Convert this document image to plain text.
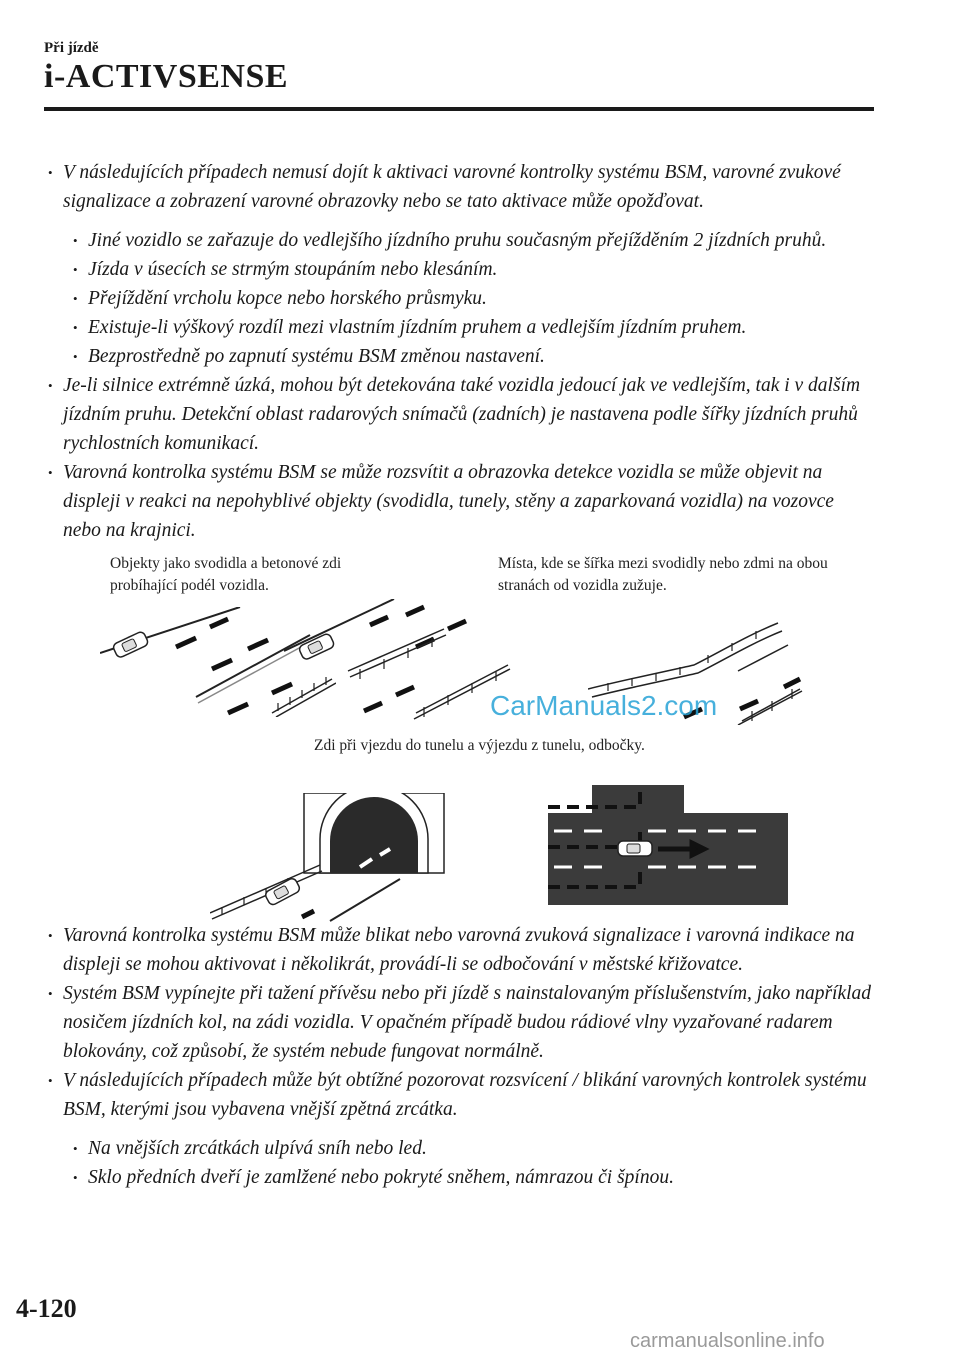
Při jízdě
i-ACTIVSENSE

• V následujících případech nemusí dojít k aktivaci varovné kontrolky systému BSM, varovné zvukové signalizace a zobrazení varovné obrazovky nebo se tato aktivace může opožďovat.

• Jiné vozidlo se zařazuje do vedlejšího jízdního pruhu současným přejížděním 2 jízdních pruhů.

• Jízda v úsecích se strmým stoupáním nebo klesáním.

• Přejíždění vrcholu kopce nebo horského průsmyku.

• Existuje-li výškový rozdíl mezi vlastním jízdním pruhem a vedlejším jízdním pruhem.

• Bezprostředně po zapnutí systému BSM změnou nastavení.

• Je-li silnice extrémně úzká, mohou být detekována také vozidla jedoucí jak ve vedlejším, tak i v dalším jízdním pruhu. Detekční oblast radarových snímačů (zadních) je nastavena podle šířky jízdních pruhů rychlostních komunikací.

• Varovná kontrolka systému BSM se může rozsvítit a obrazovka detekce vozidla se může objevit na displeji v reakci na nepohyblivé objekty (svodidla, tunely, stěny a zaparkovaná vozidla) na vozovce nebo na krajnici.

Objekty jako svodidla a betonové zdi probíhající podél vozidla.
Místa, kde se šířka mezi svodidly nebo zdmi na obou stranách od vozidla zužuje.
Zdi při vjezdu do tunelu a výjezdu z tunelu, odbočky.

• Varovná kontrolka systému BSM může blikat nebo varovná zvuková signalizace i varovná indikace na displeji se mohou aktivovat i několikrát, provádí-li se odbočování v městské křižovatce.

• Systém BSM vypínejte při tažení přívěsu nebo při jízdě s nainstalovaným příslušenstvím, jako například nosičem jízdních kol, na zádi vozidla. V opačném případě budou rádiové vlny vyzařované radarem blokovány, což způsobí, že systém nebude fungovat normálně.

• V následujících případech může být obtížné pozorovat rozsvícení / blikání varovných kontrolek systému BSM, kterými jsou vybavena vnější zpětná zrcátka.

• Na vnějších zrcátkách ulpívá sníh nebo led.

• Sklo předních dveří je zamlžené nebo pokryté sněhem, námrazou či špínou.

4-120
CarManuals2.com
carmanualsonline.info
